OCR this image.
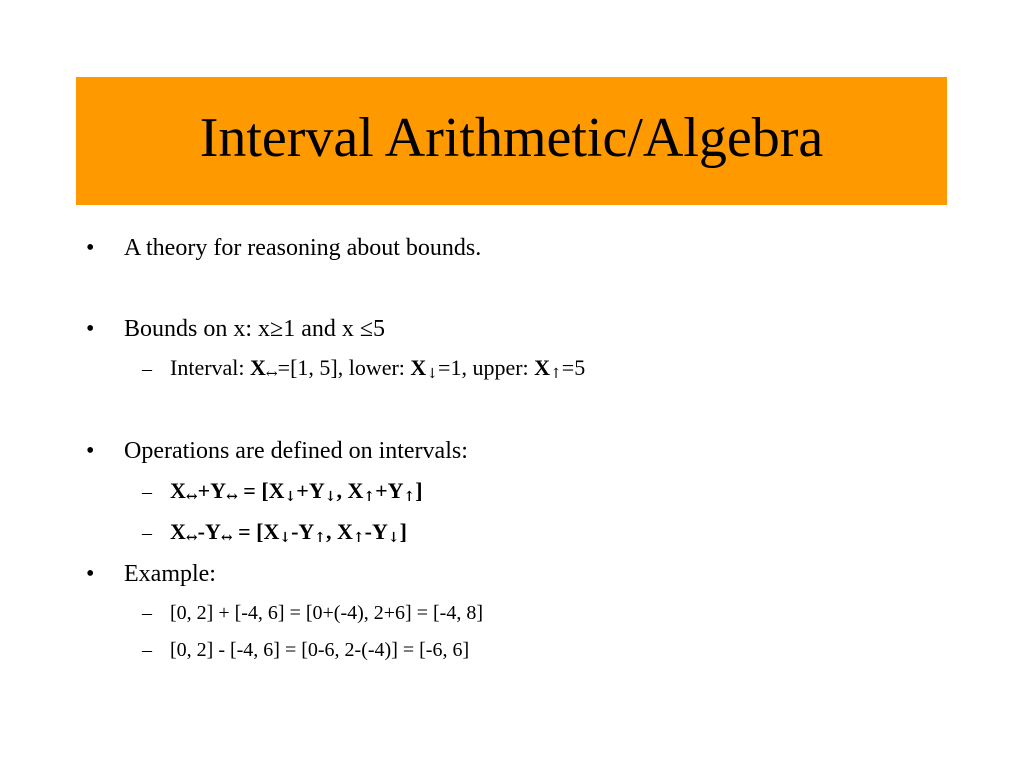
Interval Arithmetic/Algebra
• A theory for reasoning about bounds.
• Bounds on x: x≥1 and x ≤5
– Interval: $X_\leftrightarrow=[1$, 5], lower: $X_↓=1$, upper: $X_↑=5$
• Operations are defined on intervals:
– $X_\leftrightarrow+Y_\leftrightarrow = [X_↓+Y_↓$, $X_↑+Y_↑$]
– $X_\leftrightarrow-Y_\leftrightarrow = [X_↓-Y_↑$, $X_↑-Y_↓$]
• Example:
– [0, 2] + [-4, 6] = [0+(-4), 2+6] = [-4, 8]
– [0, 2] - [-4, 6] = [0-6, 2-(-4)] = [-6, 6]
